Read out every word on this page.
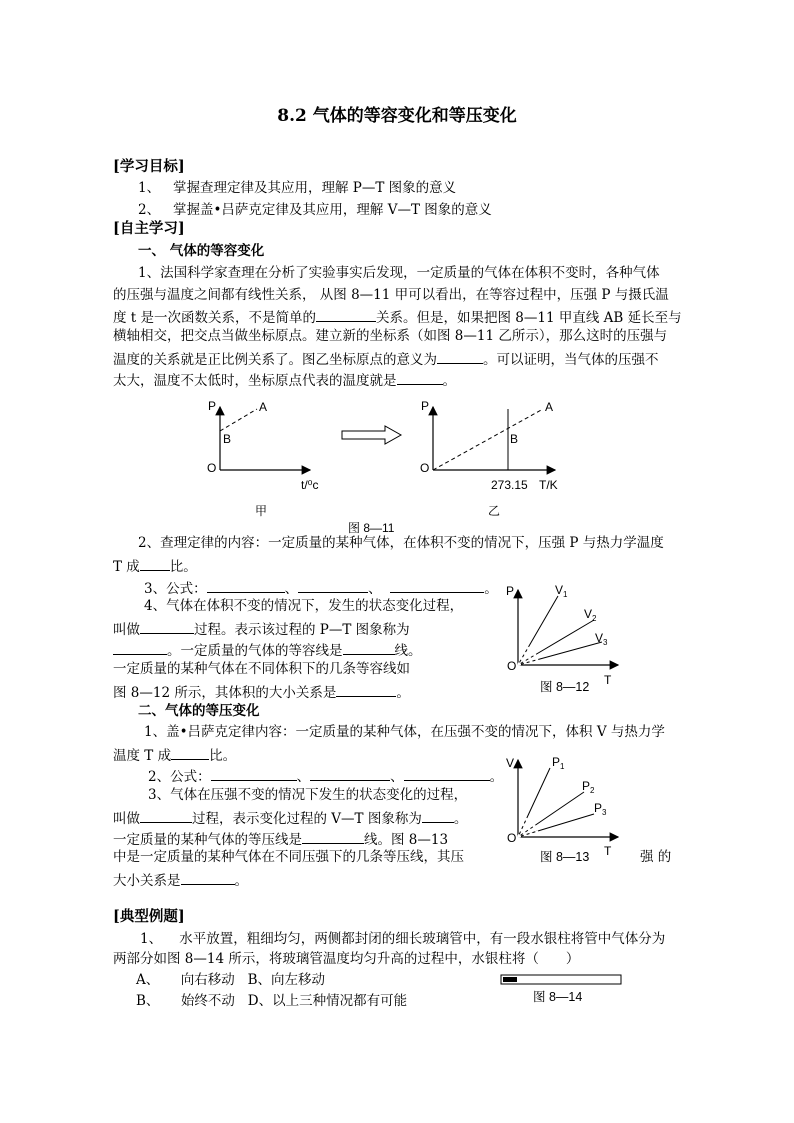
8.2 气体的等容变化和等压变化
[学习目标]
1、 掌握查理定律及其应用，理解 P—T 图象的意义
2、 掌握盖•吕萨克定律及其应用，理解 V—T 图象的意义
[自主学习]
一、 气体的等容变化
1、法国科学家查理在分析了实验事实后发现，一定质量的气体在体积不变时，各种气体
的压强与温度之间都有线性关系， 从图 8—11 甲可以看出，在等容过程中，压强 P 与摄氏温
度 t 是一次函数关系，不是简单的	关系。但是，如果把图 8—11 甲直线 AB 延长至与
横轴相交，把交点当做坐标原点。建立新的坐标系（如图 8—11 乙所示），那么这时的压强与
温度的关系就是正比例关系了。图乙坐标原点的意义为	。可以证明，当气体的压强不
太大，温度不太低时，坐标原点代表的温度就是	。
P	A
B
O
t/⁰c
甲
P	A
B
O
273.15 T/K
乙
图 8—11
2、查理定律的内容：一定质量的某种气体，在体积不变的情况下，压强 P 与热力学温度
T 成 比。
3、公式：	、	、	。
4、气体在体积不变的情况下，发生的状态变化过程，
叫做	过程。表示该过程的 P—T 图象称为
。一定质量的气体的等容线是	线。
一定质量的某种气体在不同体积下的几条等容线如
图 8—12 所示，其体积的大小关系是	。
P
O
T
$V_1$
$V_2$
$V_3$
图 8—12
二、气体的等压变化
1、盖•吕萨克定律内容：一定质量的某种气体，在压强不变的情况下，体积 V 与热力学
温度 T 成	比。
2、公式：	、	、	。
3、气体在压强不变的情况下发生的状态变化的过程，
叫做	过程，表示变化过程的 V—T 图象称为 。
一定质量的某种气体的等压线是	线。图 8—13
中是一定质量的某种气体在不同压强下的几条等压线，其压	强 的
大小关系是	。
V
O
T
$P_1$
$P_2$
$P_3$
图 8—13
[典型例题]
1、 水平放置，粗细均匀，两侧都封闭的细长玻璃管中，有一段水银柱将管中气体分为
两部分如图 8—14 所示，将玻璃管温度均匀升高的过程中，水银柱将（　　）
A、 向右移动 B、向左移动
B、 始终不动 D、以上三种情况都有可能	图 8—14
